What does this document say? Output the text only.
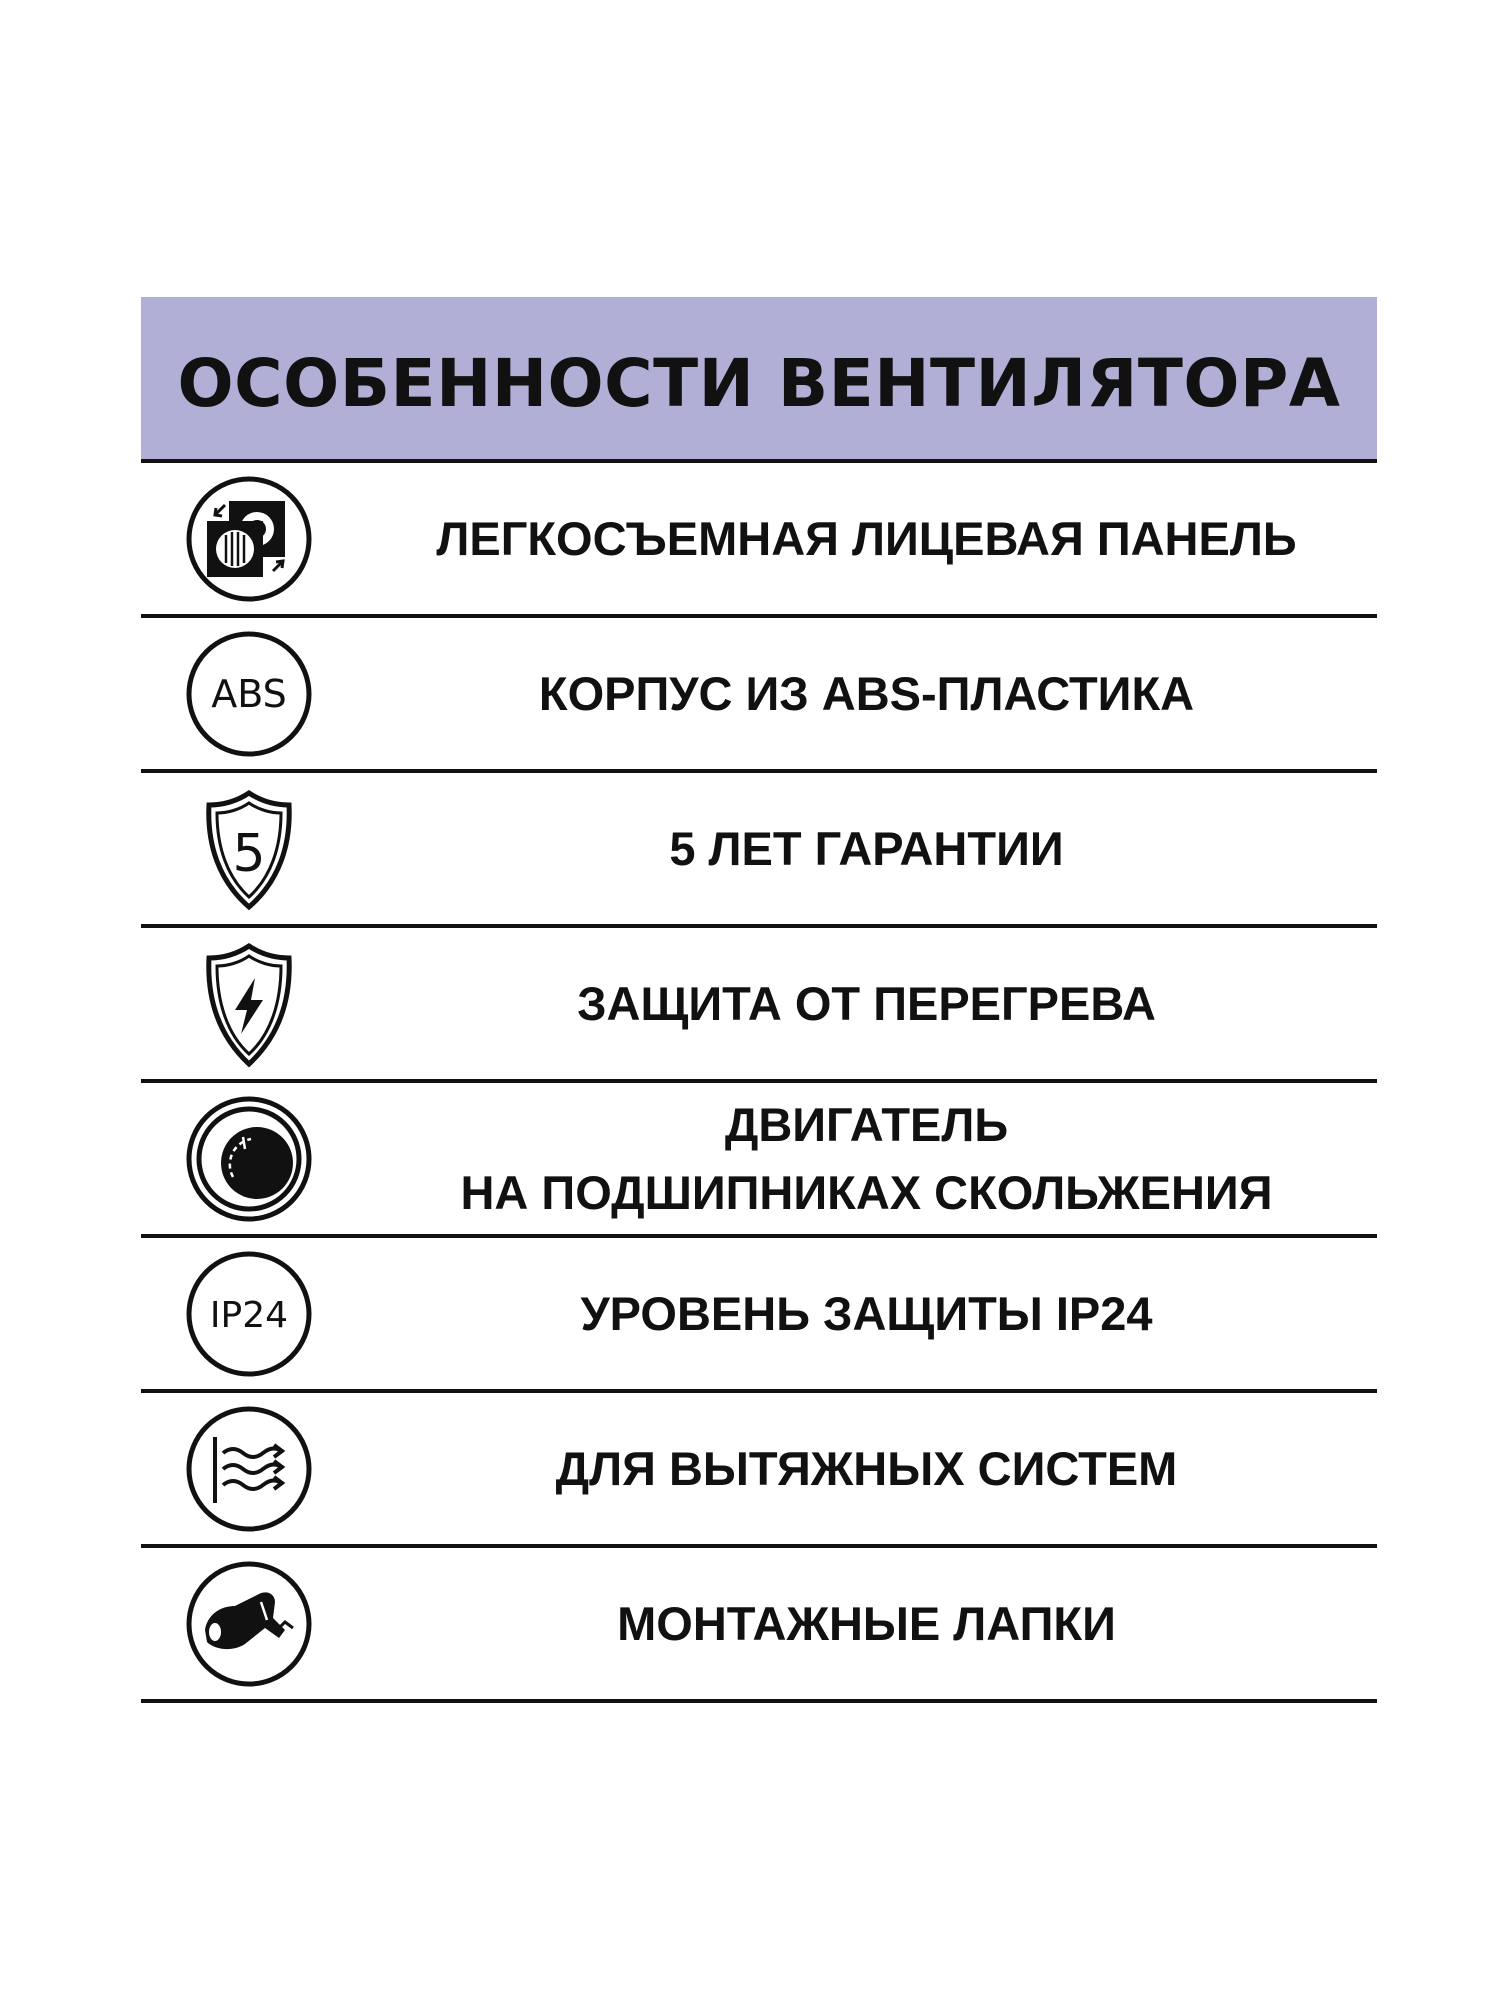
ОСОБЕННОСТИ ВЕНТИЛЯТОРА
ЛЕГКОСЪЕМНАЯ ЛИЦЕВАЯ ПАНЕЛЬ
ABS	КОРПУС ИЗ ABS-ПЛАСТИКА
5	5 ЛЕТ ГАРАНТИИ
ЗАЩИТА ОТ ПЕРЕГРЕВА
ДВИГАТЕЛЬ
НА ПОДШИПНИКАХ СКОЛЬЖЕНИЯ
IP24	УРОВЕНЬ ЗАЩИТЫ IP24
ДЛЯ ВЫТЯЖНЫХ СИСТЕМ
МОНТАЖНЫЕ ЛАПКИ
